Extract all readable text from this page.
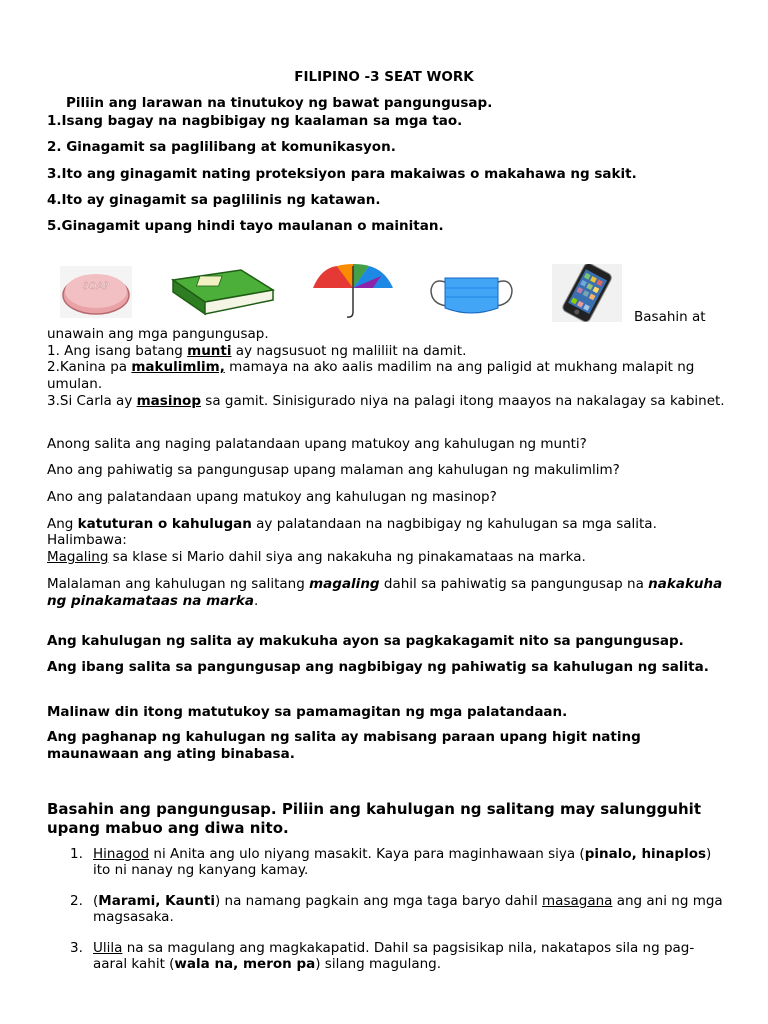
FILIPINO -3 SEAT WORK
Piliin ang larawan na tinutukoy ng bawat pangungusap.
1.Isang bagay na nagbibigay ng kaalaman sa mga tao.
2. Ginagamit sa paglilibang at komunikasyon.
3.Ito ang ginagamit nating proteksiyon para makaiwas o makahawa ng sakit.
4.Ito ay ginagamit sa paglilinis ng katawan.
5.Ginagamit upang hindi tayo maulanan o mainitan.
SOAP
Basahin at
unawain ang mga pangungusap.
1. Ang isang batang munti ay nagsusuot ng maliliit na damit.
2.Kanina pa makulimlim, mamaya na ako aalis madilim na ang paligid at mukhang malapit ng umulan.
3.Si Carla ay masinop sa gamit. Sinisigurado niya na palagi itong maayos na nakalagay sa kabinet.
Anong salita ang naging palatandaan upang matukoy ang kahulugan ng munti?
Ano ang pahiwatig sa pangungusap upang malaman ang kahulugan ng makulimlim?
Ano ang palatandaan upang matukoy ang kahulugan ng masinop?
Ang katuturan o kahulugan ay palatandaan na nagbibigay ng kahulugan sa mga salita.
Halimbawa:
Magaling sa klase si Mario dahil siya ang nakakuha ng pinakamataas na marka.
Malalaman ang kahulugan ng salitang magaling dahil sa pahiwatig sa pangungusap na nakakuha ng pinakamataas na marka.
Ang kahulugan ng salita ay makukuha ayon sa pagkakagamit nito sa pangungusap.
Ang ibang salita sa pangungusap ang nagbibigay ng pahiwatig sa kahulugan ng salita.
Malinaw din itong matutukoy sa pamamagitan ng mga palatandaan.
Ang paghanap ng kahulugan ng salita ay mabisang paraan upang higit nating maunawaan ang ating binabasa.
Basahin ang pangungusap. Piliin ang kahulugan ng salitang may salungguhit upang mabuo ang diwa nito.
1. Hinagod ni Anita ang ulo niyang masakit. Kaya para maginhawaan siya (pinalo, hinaplos) ito ni nanay ng kanyang kamay.
2. (Marami, Kaunti) na namang pagkain ang mga taga baryo dahil masagana ang ani ng mga magsasaka.
3. Ulila na sa magulang ang magkakapatid. Dahil sa pagsisikap nila, nakatapos sila ng pag-aaral kahit (wala na, meron pa) silang magulang.
